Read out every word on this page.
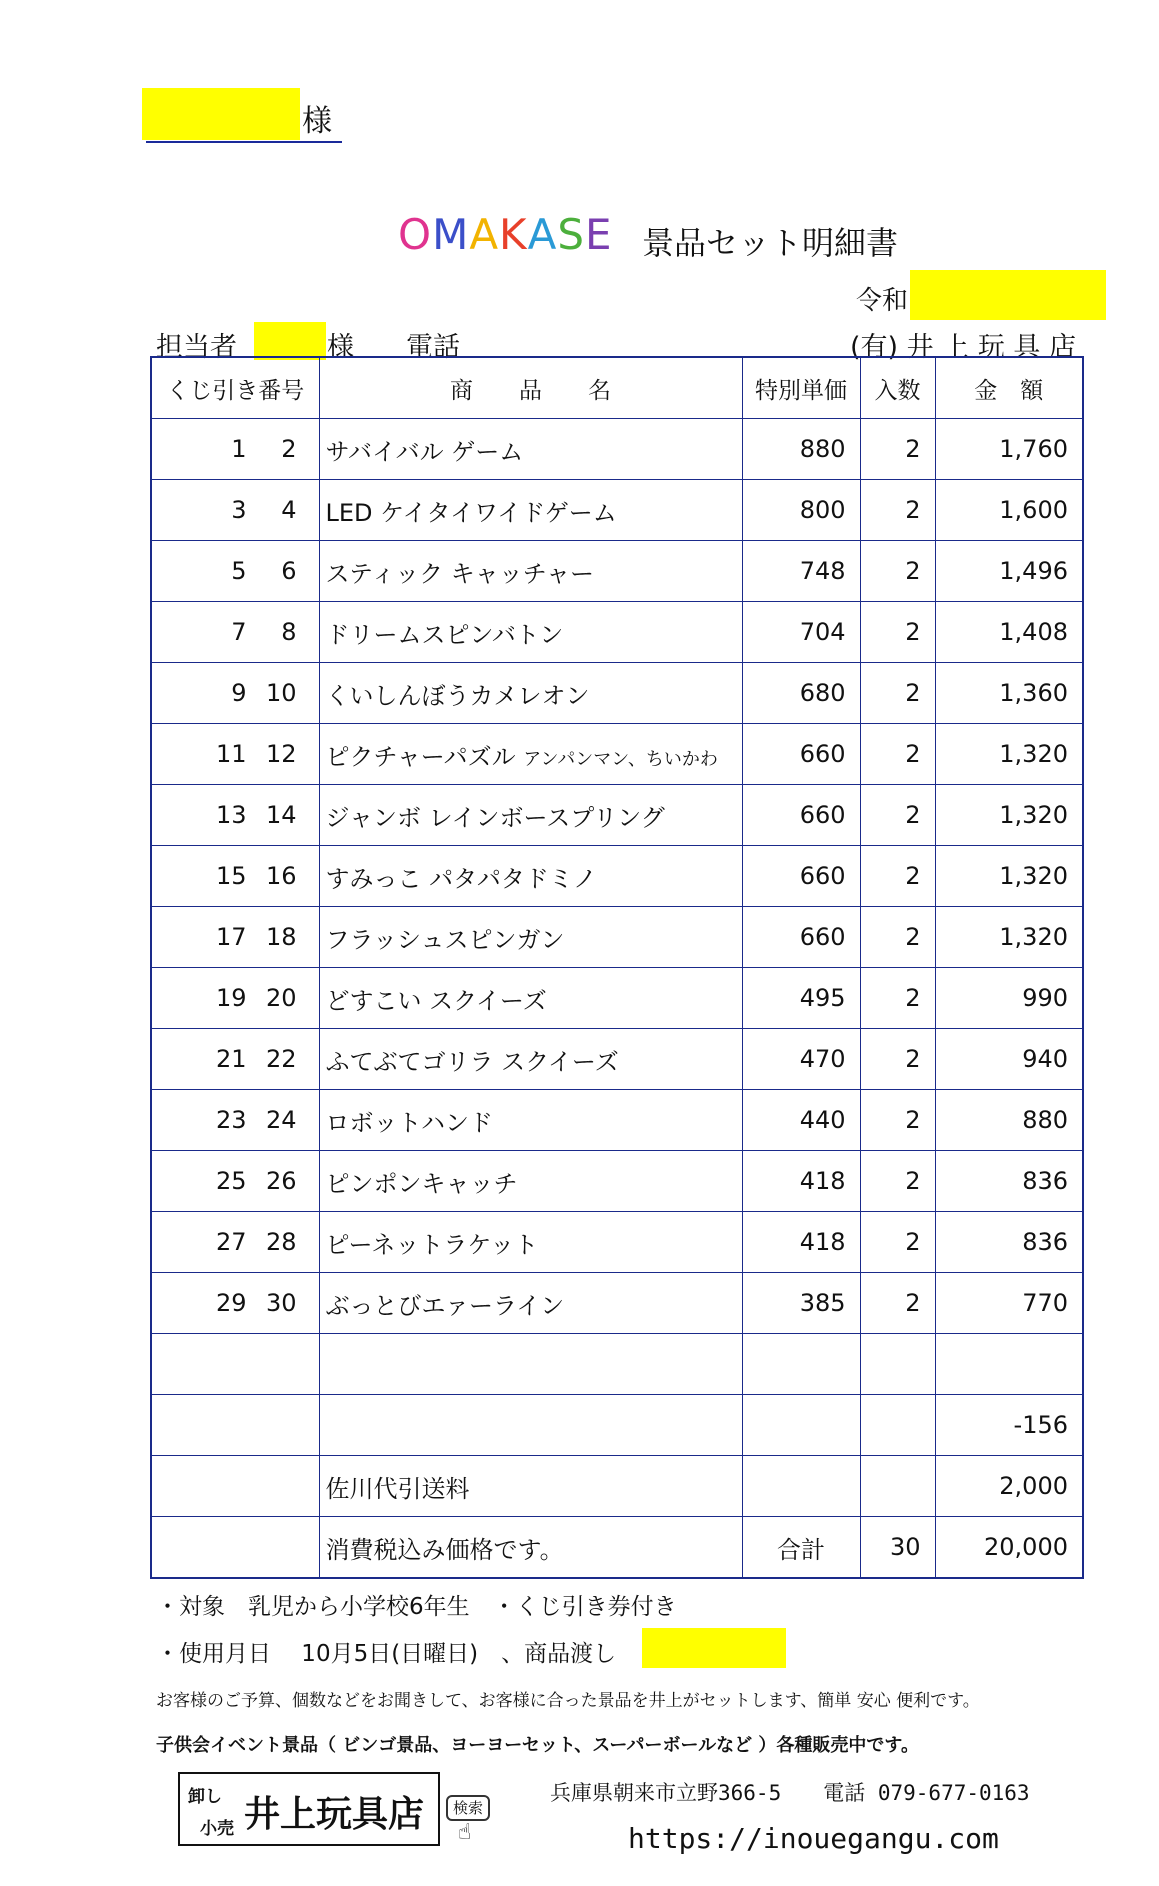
様
OMAKASE 景品セット明細書
令和
担当者	様 電話	(有) 井 上 玩 具 店
くじ引き番号	商　　品　　名	特別単価	入数	金　額

1 2	サバイバル ゲーム	880	2	1,760

3 4	LED ケイタイワイドゲーム	800	2	1,600

5 6	スティック キャッチャー	748	2	1,496

7 8	ドリームスピンバトン	704	2	1,408

9 10	くいしんぼうカメレオン	680	2	1,360

11 12	ピクチャーパズル アンパンマン、ちいかわ	660	2	1,320

13 14	ジャンボ レインボースプリング	660	2	1,320

15 16	すみっこ パタパタドミノ	660	2	1,320

17 18	フラッシュスピンガン	660	2	1,320

19 20	どすこい スクイーズ	495	2	990

21 22	ふてぶてゴリラ スクイーズ	470	2	940

23 24	ロボットハンド	440	2	880

25 26	ピンポンキャッチ	418	2	836

27 28	ピーネットラケット	418	2	836

29 30	ぶっとびエァーライン	385	2	770

				-156

	佐川代引送料			2,000
	消費税込み価格です。	合計	30	20,000
・対象　乳児から小学校6年生　・くじ引き券付き
・使用月日　 10月5日(日曜日)　、商品渡し
お客様のご予算、個数などをお聞きして、お客様に合った景品を井上がセットします、簡単 安心 便利です。
子供会イベント景品（ ビンゴ景品、ヨーヨーセット、スーパーボールなど ）各種販売中です。
卸し
小売 井上玩具店	検索
☝
兵庫県朝来市立野366-5　　電話 079-677-0163
https://inouegangu.com
